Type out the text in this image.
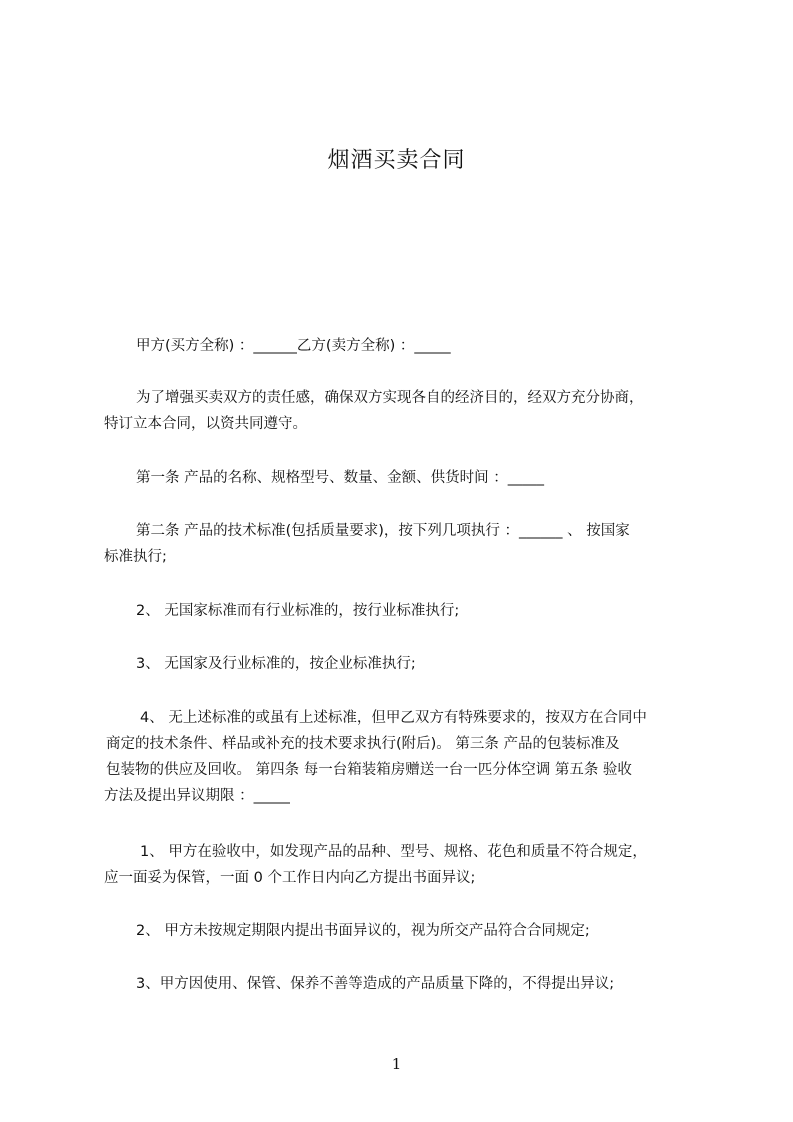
烟酒买卖合同
甲方(买方全称) ：______乙方(卖方全称) ：_____
为了增强买卖双方的责任感，确保双方实现各自的经济目的，经双方充分协商，
特订立本合同，以资共同遵守。
第一条 产品的名称、规格型号、数量、金额、供货时间 ：_____
第二条 产品的技术标准(包括质量要求)，按下列几项执行 ：______ 、 按国家
标准执行;
2、 无国家标准而有行业标准的，按行业标准执行;
3、 无国家及行业标准的，按企业标准执行;
4、 无上述标准的或虽有上述标准，但甲乙双方有特殊要求的，按双方在合同中
商定的技术条件、样品或补充的技术要求执行(附后)。 第三条 产品的包装标准及
包装物的供应及回收。 第四条 每一台箱装箱房赠送一台一匹分体空调 第五条 验收
方法及提出异议期限 ：_____
1、 甲方在验收中，如发现产品的品种、型号、规格、花色和质量不符合规定，
应一面妥为保管，一面 0 个工作日内向乙方提出书面异议;
2、 甲方未按规定期限内提出书面异议的，视为所交产品符合合同规定;
3、甲方因使用、保管、保养不善等造成的产品质量下降的，不得提出异议;
1
